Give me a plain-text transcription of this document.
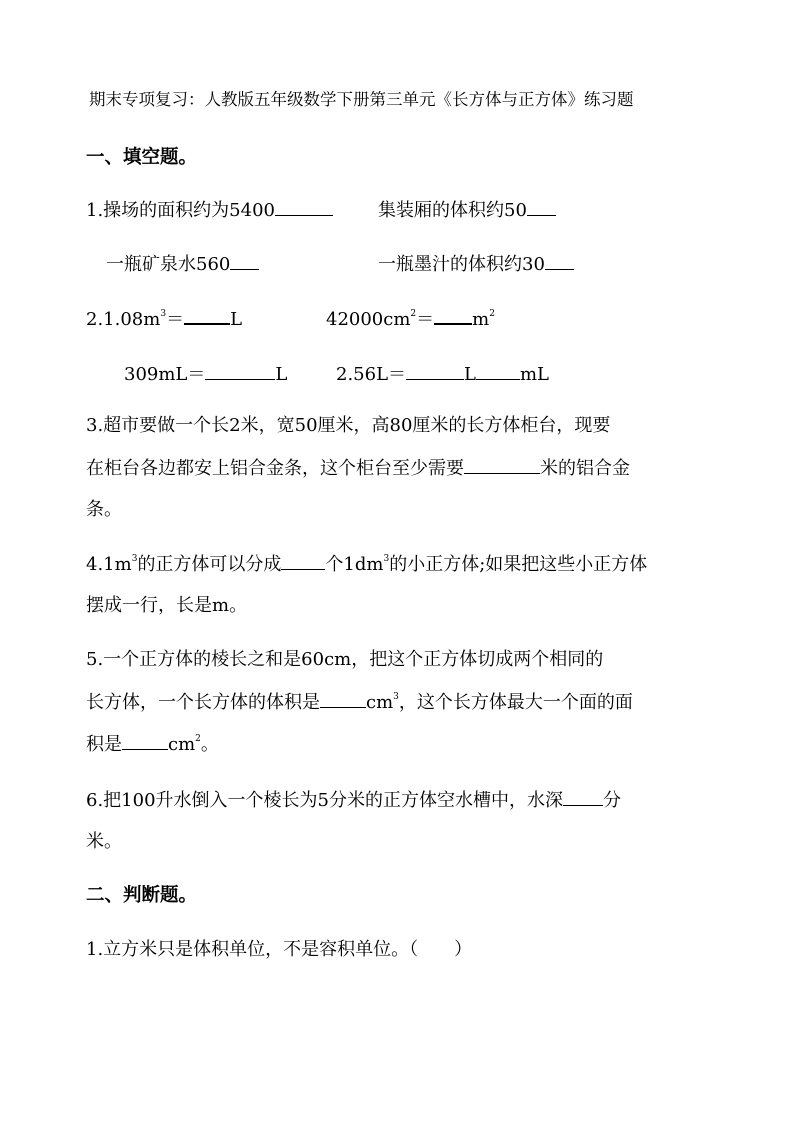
期末专项复习：人教版五年级数学下册第三单元《长方体与正方体》练习题
一、填空题。
1.操场的面积约为5400	集装厢的体积约50
一瓶矿泉水560	一瓶墨汁的体积约30
$2.1.08m^3=$	L	$42000cm^2= m^2$
309mL＝	L	2.56L＝	L mL
3.超市要做一个长2米，宽50厘米，高80厘米的长方体柜台，现要
在柜台各边都安上铝合金条，这个柜台至少需要	米的铝合金
条。
$4.1m^3$的正方体可以分成 个$1dm^3$的小正方体;如果把这些小正方体
摆成一行，长是m。
5.一个正方体的棱长之和是60cm，把这个正方体切成两个相同的
长方体，一个长方体的体积是	$cm^3$，这个长方体最大一个面的面
积是	$cm^2$。
6.把100升水倒入一个棱长为5分米的正方体空水槽中，水深 分
米。
二、判断题。
1.立方米只是体积单位，不是容积单位。（　　）
